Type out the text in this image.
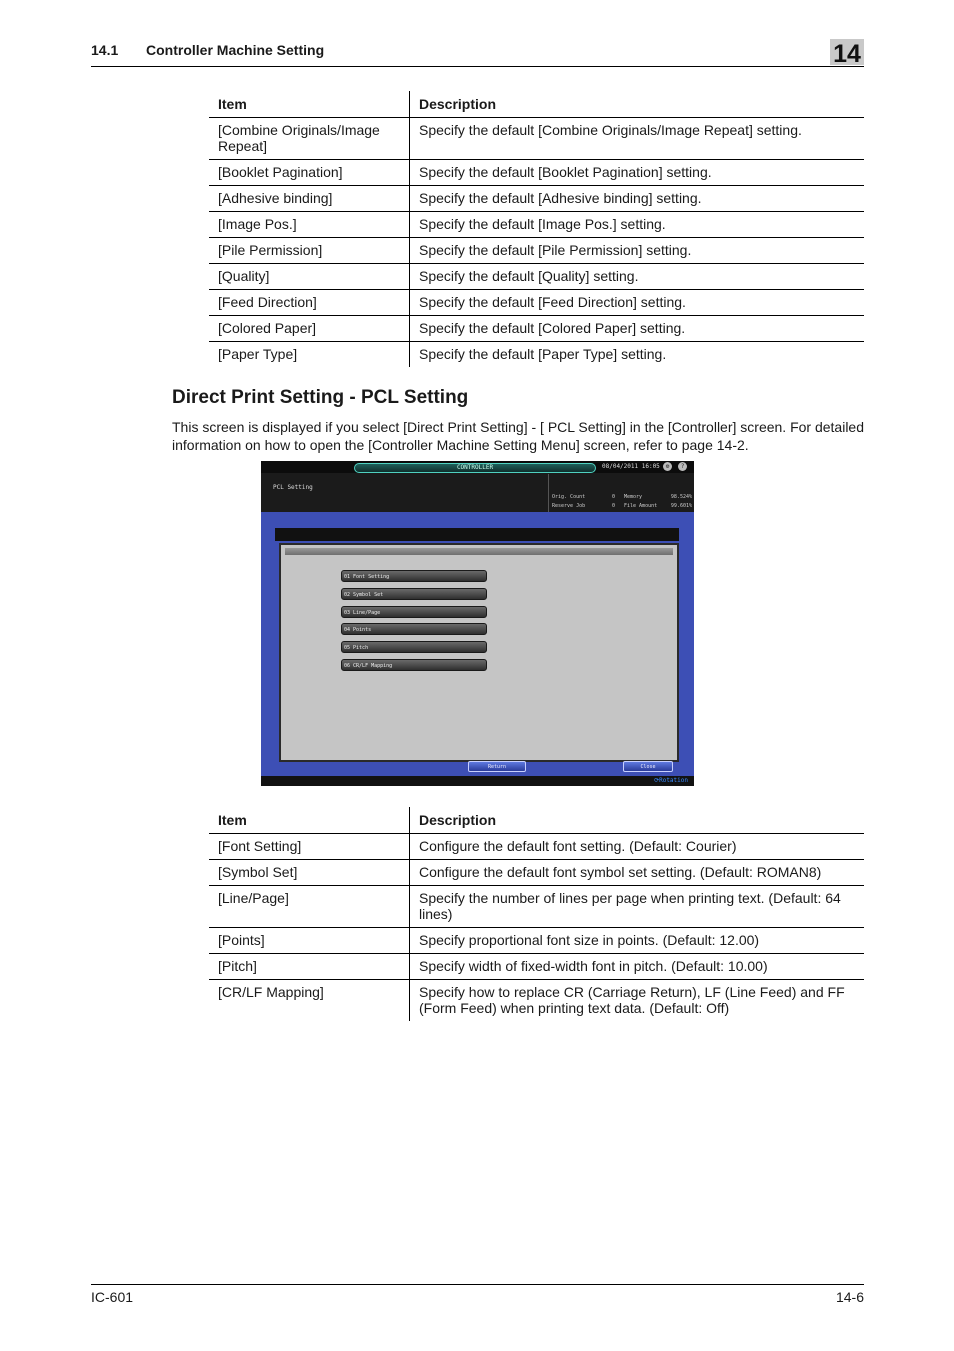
14.1 Controller Machine Setting	14
Item	Description
[Combine Originals/Image Repeat]	Specify the default [Combine Originals/Image Repeat] setting.
[Booklet Pagination]	Specify the default [Booklet Pagination] setting.
[Adhesive binding]	Specify the default [Adhesive binding] setting.
[Image Pos.]	Specify the default [Image Pos.] setting.
[Pile Permission]	Specify the default [Pile Permission] setting.
[Quality]	Specify the default [Quality] setting.
[Feed Direction]	Specify the default [Feed Direction] setting.
[Colored Paper]	Specify the default [Colored Paper] setting.
[Paper Type]	Specify the default [Paper Type] setting.
Direct Print Setting - PCL Setting

This screen is displayed if you select [Direct Print Setting] - [ PCL Setting] in the [Controller] screen. For detailed information on how to open the [Controller Machine Setting Menu] screen, refer to page 14-2.

CONTROLLER	08/04/2011 16:05 ⚙	?
PCL Setting
Orig. Count	0 Memory	98.524%
Reserve Job	0 File Amount	99.601%
01 Font Setting
02 Symbol Set
03 Line/Page
04 Points
05 Pitch
06 CR/LF Mapping
Return	Close
⟳Rotation
Item	Description
[Font Setting]	Configure the default font setting. (Default: Courier)
[Symbol Set]	Configure the default font symbol set setting. (Default: ROMAN8)
[Line/Page]	Specify the number of lines per page when printing text. (Default: 64 lines)
[Points]	Specify proportional font size in points. (Default: 12.00)
[Pitch]	Specify width of fixed-width font in pitch. (Default: 10.00)
[CR/LF Mapping]	Specify how to replace CR (Carriage Return), LF (Line Feed) and FF (Form Feed) when printing text data. (Default: Off)
IC-601	14-6
